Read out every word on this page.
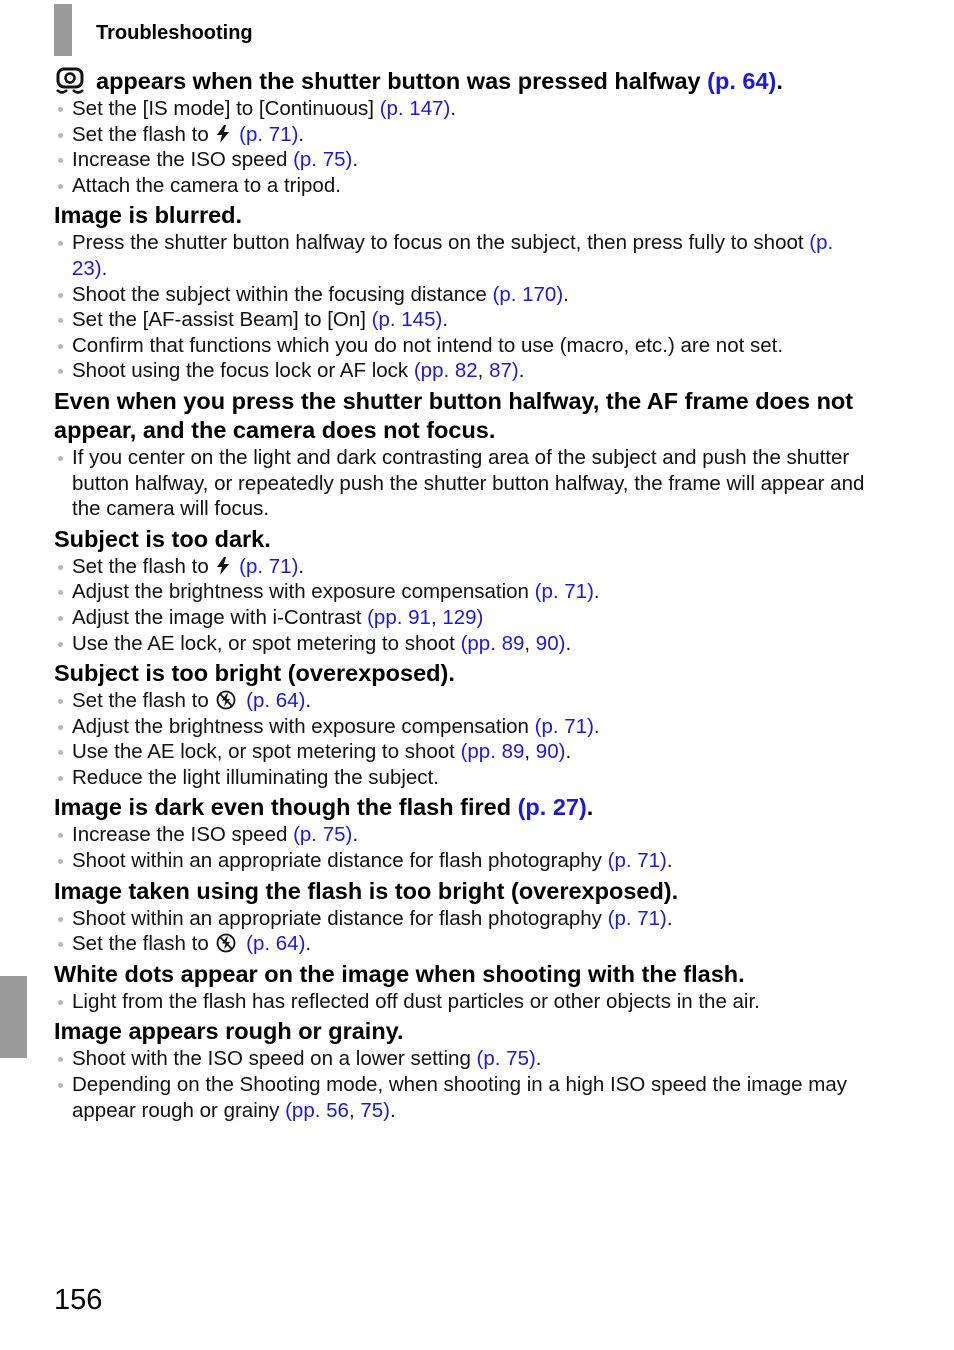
Troubleshooting
appears when the shutter button was pressed halfway (p. 64).
Set the [IS mode] to [Continuous] (p. 147).
Set the flash to  (p. 71).
Increase the ISO speed (p. 75).
Attach the camera to a tripod.
Image is blurred.
Press the shutter button halfway to focus on the subject, then press fully to shoot (p. 23).
Shoot the subject within the focusing distance (p. 170).
Set the [AF-assist Beam] to [On] (p. 145).
Confirm that functions which you do not intend to use (macro, etc.) are not set.
Shoot using the focus lock or AF lock (pp. 82, 87).
Even when you press the shutter button halfway, the AF frame does not appear, and the camera does not focus.
If you center on the light and dark contrasting area of the subject and push the shutter button halfway, or repeatedly push the shutter button halfway, the frame will appear and the camera will focus.
Subject is too dark.
Set the flash to  (p. 71).
Adjust the brightness with exposure compensation (p. 71).
Adjust the image with i-Contrast (pp. 91, 129)
Use the AE lock, or spot metering to shoot (pp. 89, 90).
Subject is too bright (overexposed).
Set the flash to  (p. 64).
Adjust the brightness with exposure compensation (p. 71).
Use the AE lock, or spot metering to shoot (pp. 89, 90).
Reduce the light illuminating the subject.
Image is dark even though the flash fired (p. 27).
Increase the ISO speed (p. 75).
Shoot within an appropriate distance for flash photography (p. 71).
Image taken using the flash is too bright (overexposed).
Shoot within an appropriate distance for flash photography (p. 71).
Set the flash to  (p. 64).
White dots appear on the image when shooting with the flash.
Light from the flash has reflected off dust particles or other objects in the air.
Image appears rough or grainy.
Shoot with the ISO speed on a lower setting (p. 75).
Depending on the Shooting mode, when shooting in a high ISO speed the image may appear rough or grainy (pp. 56, 75).
156
